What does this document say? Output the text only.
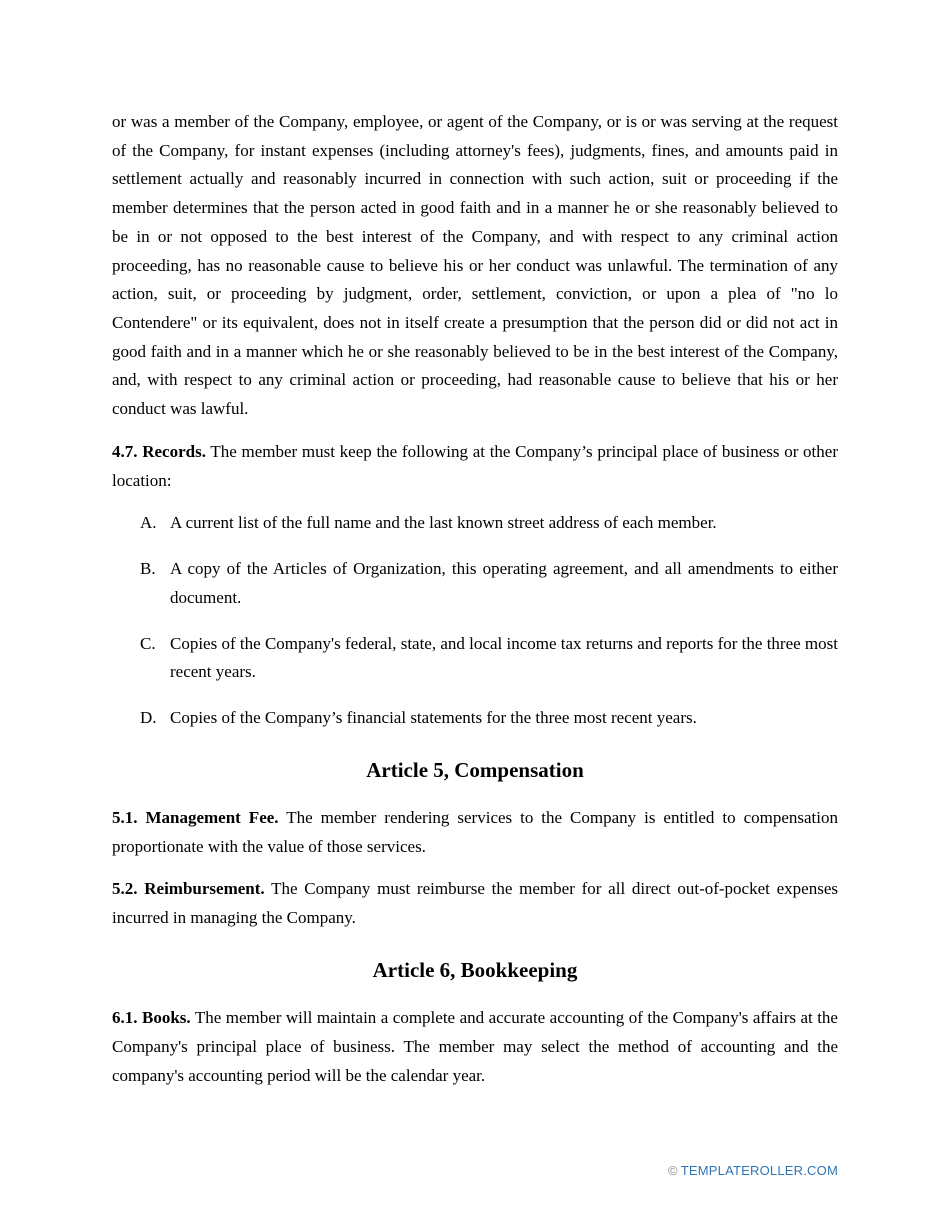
or was a member of the Company, employee, or agent of the Company, or is or was serving at the request of the Company, for instant expenses (including attorney's fees), judgments, fines, and amounts paid in settlement actually and reasonably incurred in connection with such action, suit or proceeding if the member determines that the person acted in good faith and in a manner he or she reasonably believed to be in or not opposed to the best interest of the Company, and with respect to any criminal action proceeding, has no reasonable cause to believe his or her conduct was unlawful. The termination of any action, suit, or proceeding by judgment, order, settlement, conviction, or upon a plea of "no lo Contendere" or its equivalent, does not in itself create a presumption that the person did or did not act in good faith and in a manner which he or she reasonably believed to be in the best interest of the Company, and, with respect to any criminal action or proceeding, had reasonable cause to believe that his or her conduct was lawful.

4.7. Records. The member must keep the following at the Company’s principal place of business or other location:

A. A current list of the full name and the last known street address of each member.
B. A copy of the Articles of Organization, this operating agreement, and all amendments to either document.
C. Copies of the Company's federal, state, and local income tax returns and reports for the three most recent years.
D. Copies of the Company’s financial statements for the three most recent years.
Article 5, Compensation

5.1. Management Fee. The member rendering services to the Company is entitled to compensation proportionate with the value of those services.

5.2. Reimbursement. The Company must reimburse the member for all direct out-of-pocket expenses incurred in managing the Company.

Article 6, Bookkeeping

6.1. Books. The member will maintain a complete and accurate accounting of the Company's affairs at the Company's principal place of business. The member may select the method of accounting and the company's accounting period will be the calendar year.

© TEMPLATEROLLER.COM
